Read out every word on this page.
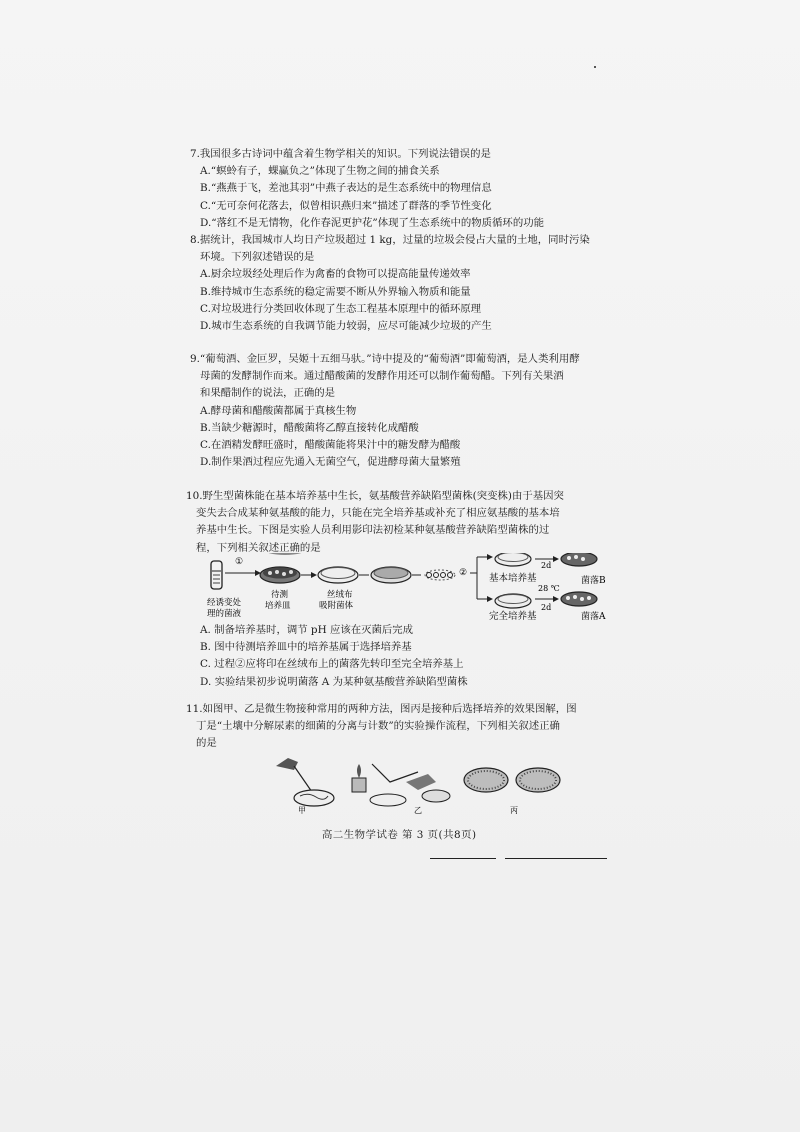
7.我国很多古诗词中蕴含着生物学相关的知识。下列说法错误的是

A.“螟蛉有子，蜾蠃负之”体现了生物之间的捕食关系

B.“燕燕于飞，差池其羽”中燕子表达的是生态系统中的物理信息

C.“无可奈何花落去，似曾相识燕归来”描述了群落的季节性变化

D.“落红不是无情物，化作春泥更护花”体现了生态系统中的物质循环的功能

8.据统计，我国城市人均日产垃圾超过 1 kg，过量的垃圾会侵占大量的土地，同时污染

环境。下列叙述错误的是

A.厨余垃圾经处理后作为禽畜的食物可以提高能量传递效率

B.维持城市生态系统的稳定需要不断从外界输入物质和能量

C.对垃圾进行分类回收体现了生态工程基本原理中的循环原理

D.城市生态系统的自我调节能力较弱，应尽可能减少垃圾的产生

9.“葡萄酒、金叵罗，吴姬十五细马驮。”诗中提及的“葡萄酒”即葡萄酒，是人类利用酵

母菌的发酵制作而来。通过醋酸菌的发酵作用还可以制作葡萄醋。下列有关果酒

和果醋制作的说法，正确的是

A.酵母菌和醋酸菌都属于真核生物

B.当缺少糖源时，醋酸菌将乙醇直接转化成醋酸

C.在酒精发酵旺盛时，醋酸菌能将果汁中的糖发酵为醋酸

D.制作果酒过程应先通入无菌空气，促进酵母菌大量繁殖

10.野生型菌株能在基本培养基中生长，氨基酸营养缺陷型菌株(突变株)由于基因突

变失去合成某种氨基酸的能力，只能在完全培养基或补充了相应氨基酸的基本培

养基中生长。下图是实验人员利用影印法初检某种氨基酸营养缺陷型菌株的过

程，下列相关叙述正确的是

①
② 基本培养基
2d
完全培养基
28 ℃
2d
菌落B
菌落A
经诱变处
理的菌液
待测
培养皿
丝绒布
吸附菌体

A. 制备培养基时，调节 pH 应该在灭菌后完成

B. 图中待测培养皿中的培养基属于选择培养基

C. 过程②应将印在丝绒布上的菌落先转印至完全培养基上

D. 实验结果初步说明菌落 A 为某种氨基酸营养缺陷型菌株

11.如图甲、乙是微生物接种常用的两种方法，图丙是接种后选择培养的效果图解，图

丁是“土壤中分解尿素的细菌的分离与计数”的实验操作流程，下列相关叙述正确

的是

甲	乙	丙
高二生物学试卷 第 3 页(共8页)
